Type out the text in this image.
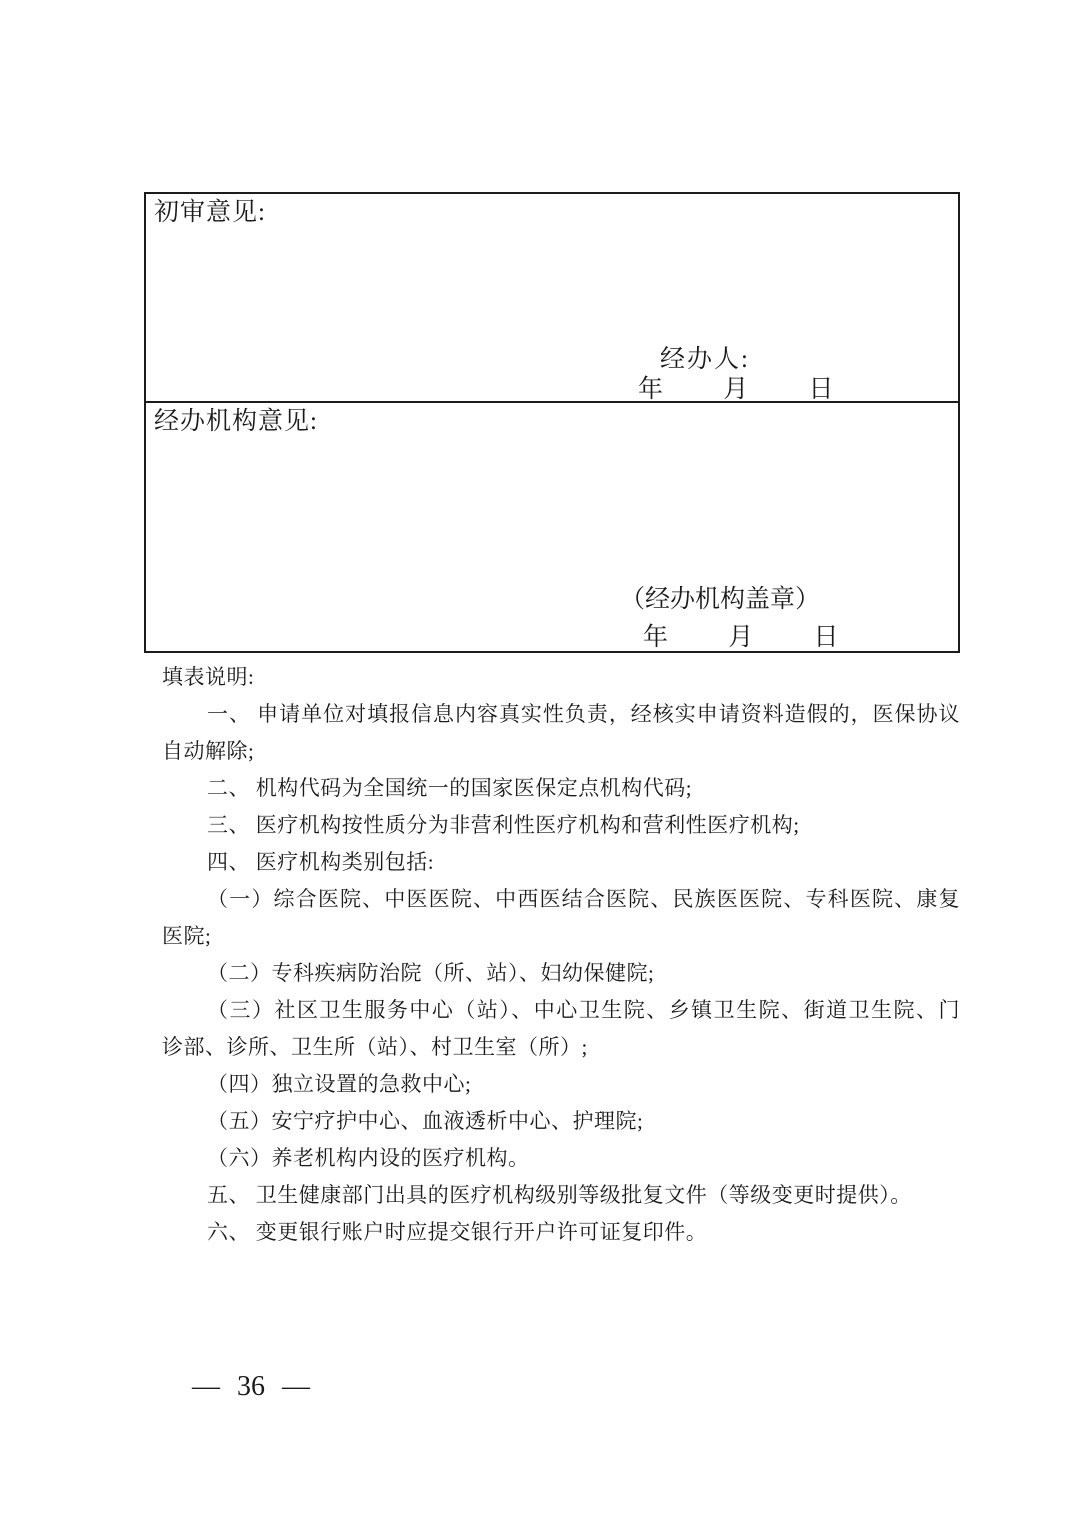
初审意见:
经办人:
年 月 日
经办机构意见:
（经办机构盖章）
年 月 日
填表说明:
一、 申请单位对填报信息内容真实性负责，经核实申请资料造假的，医保协议
自动解除;
二、 机构代码为全国统一的国家医保定点机构代码;
三、 医疗机构按性质分为非营利性医疗机构和营利性医疗机构;
四、 医疗机构类别包括:
（一）综合医院、中医医院、中西医结合医院、民族医医院、专科医院、康复
医院;
（二）专科疾病防治院（所、站）、妇幼保健院;
（三）社区卫生服务中心（站）、中心卫生院、乡镇卫生院、街道卫生院、门
诊部、诊所、卫生所（站）、村卫生室（所）;
（四）独立设置的急救中心;
（五）安宁疗护中心、血液透析中心、护理院;
（六）养老机构内设的医疗机构。
五、 卫生健康部门出具的医疗机构级别等级批复文件（等级变更时提供）。
六、 变更银行账户时应提交银行开户许可证复印件。
— 36 —
